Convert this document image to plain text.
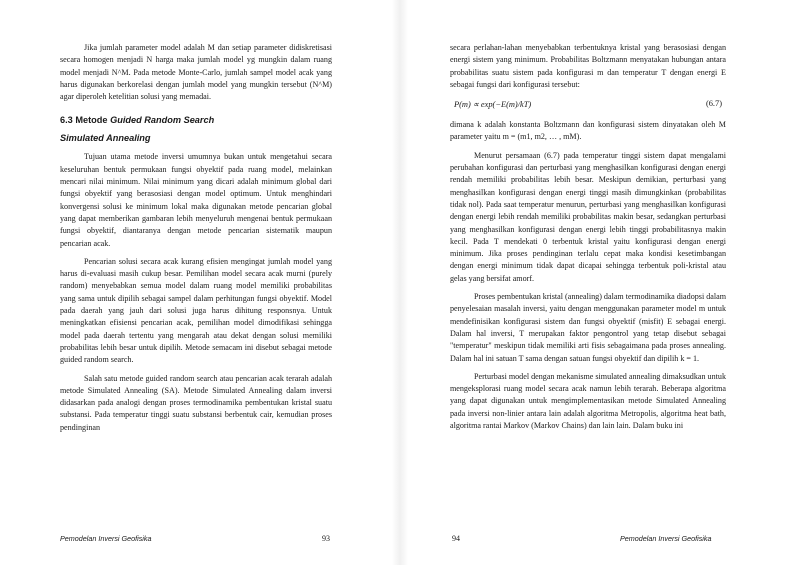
Jika jumlah parameter model adalah M dan setiap parameter didiskretisasi secara homogen menjadi N harga maka jumlah model yg mungkin dalam ruang model menjadi N^M. Pada metode Monte-Carlo, jumlah sampel model acak yang harus digunakan berkorelasi dengan jumlah model yang mungkin tersebut (N^M) agar diperoleh ketelitian solusi yang memadai.

6.3 Metode Guided Random Search
Simulated Annealing

Tujuan utama metode inversi umumnya bukan untuk mengetahui secara keseluruhan bentuk permukaan fungsi obyektif pada ruang model, melainkan mencari nilai minimum. Nilai minimum yang dicari adalah minimum global dari fungsi obyektif yang berasosiasi dengan model optimum. Untuk menghindari konvergensi solusi ke minimum lokal maka digunakan metode pencarian global yang dapat memberikan gambaran lebih menyeluruh mengenai bentuk permukaan fungsi obyektif, diantaranya dengan metode pencarian sistematik maupun pencarian acak.

Pencarian solusi secara acak kurang efisien mengingat jumlah model yang harus di-evaluasi masih cukup besar. Pemilihan model secara acak murni (purely random) menyebabkan semua model dalam ruang model memiliki probabilitas yang sama untuk dipilih sebagai sampel dalam perhitungan fungsi obyektif. Model pada daerah yang jauh dari solusi juga harus dihitung responsnya. Untuk meningkatkan efisiensi pencarian acak, pemilihan model dimodifikasi sehingga model pada daerah tertentu yang mengarah atau dekat dengan solusi memiliki probabilitas lebih besar untuk dipilih. Metode semacam ini disebut sebagai metode guided random search.

Salah satu metode guided random search atau pencarian acak terarah adalah metode Simulated Annealing (SA). Metode Simulated Annealing dalam inversi didasarkan pada analogi dengan proses termodinamika pembentukan kristal suatu substansi. Pada temperatur tinggi suatu substansi berbentuk cair, kemudian proses pendinginan

Pemodelan Inversi Geofisika	93

secara perlahan-lahan menyebabkan terbentuknya kristal yang berasosiasi dengan energi sistem yang minimum. Probabilitas Boltzmann menyatakan hubungan antara probabilitas suatu sistem pada konfigurasi m dan temperatur T dengan energi E sebagai fungsi dari konfigurasi tersebut:

P(m) ∝ exp(−E(m)/kT)	(6.7)

dimana k adalah konstanta Boltzmann dan konfigurasi sistem dinyatakan oleh M parameter yaitu m = (m1, m2, … , mM).

Menurut persamaan (6.7) pada temperatur tinggi sistem dapat mengalami perubahan konfigurasi dan perturbasi yang menghasilkan konfigurasi dengan energi rendah memiliki probabilitas lebih besar. Meskipun demikian, perturbasi yang menghasilkan konfigurasi dengan energi tinggi masih dimungkinkan (probabilitas tidak nol). Pada saat temperatur menurun, perturbasi yang menghasilkan konfigurasi dengan energi lebih rendah memiliki probabilitas makin besar, sedangkan perturbasi yang menghasilkan konfigurasi dengan energi lebih tinggi probabilitasnya makin kecil. Pada T mendekati 0 terbentuk kristal yaitu konfigurasi dengan energi minimum. Jika proses pendinginan terlalu cepat maka kondisi kesetimbangan dengan energi minimum tidak dapat dicapai sehingga terbentuk poli-kristal atau gelas yang bersifat amorf.

Proses pembentukan kristal (annealing) dalam termodinamika diadopsi dalam penyelesaian masalah inversi, yaitu dengan menggunakan parameter model m untuk mendefinisikan konfigurasi sistem dan fungsi obyektif (misfit) E sebagai energi. Dalam hal inversi, T merupakan faktor pengontrol yang tetap disebut sebagai "temperatur" meskipun tidak memiliki arti fisis sebagaimana pada proses annealing. Dalam hal ini satuan T sama dengan satuan fungsi obyektif dan dipilih k = 1.

Perturbasi model dengan mekanisme simulated annealing dimaksudkan untuk mengeksplorasi ruang model secara acak namun lebih terarah. Beberapa algoritma yang dapat digunakan untuk mengimplementasikan metode Simulated Annealing pada inversi non-linier antara lain adalah algoritma Metropolis, algoritma heat bath, algoritma rantai Markov (Markov Chains) dan lain lain. Dalam buku ini

94	Pemodelan Inversi Geofisika
